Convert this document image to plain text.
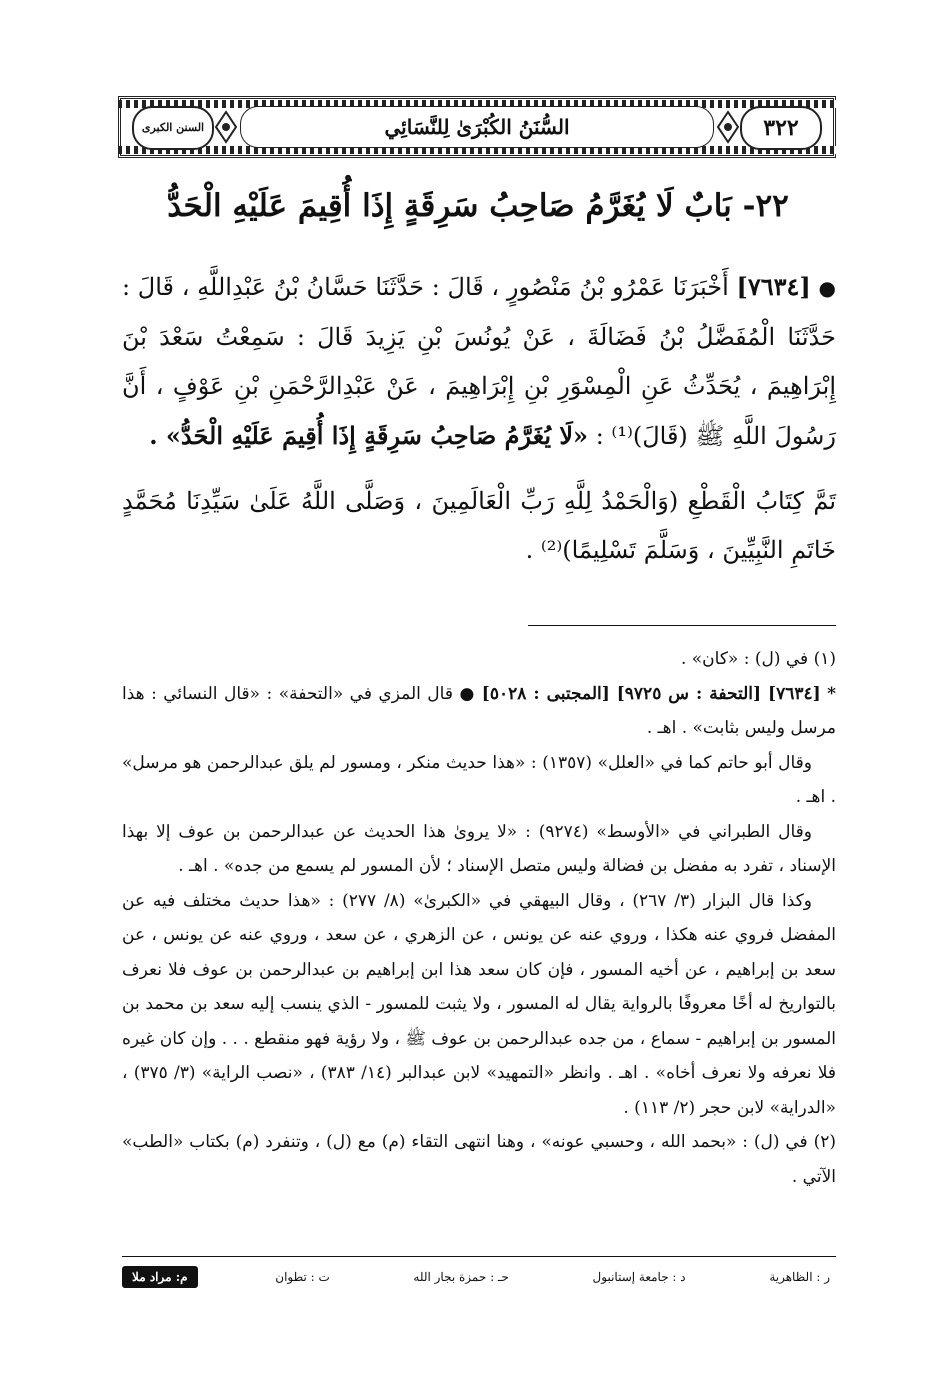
السنن الكبرى	السُّنَنُ الكُبْرَىٰ لِلنَّسَائِي	٣٢٢
٢٢- بَابٌ لَا يُغَرَّمُ صَاحِبُ سَرِقَةٍ إِذَا أُقِيمَ عَلَيْهِ الْحَدُّ

● [٧٦٣٤] أَخْبَرَنَا عَمْرُو بْنُ مَنْصُورٍ ، قَالَ : حَدَّثَنَا حَسَّانُ بْنُ عَبْدِاللَّهِ ، قَالَ : حَدَّثَنَا الْمُفَضَّلُ بْنُ فَضَالَةَ ، عَنْ يُونُسَ بْنِ يَزِيدَ قَالَ : سَمِعْتُ سَعْدَ بْنَ إِبْرَاهِيمَ ، يُحَدِّثُ عَنِ الْمِسْوَرِ بْنِ إِبْرَاهِيمَ ، عَنْ عَبْدِالرَّحْمَنِ بْنِ عَوْفٍ ، أَنَّ رَسُولَ اللَّهِ ﷺ (قَالَ)⁽¹⁾ : «لَا يُغَرَّمُ صَاحِبُ سَرِقَةٍ إِذَا أُقِيمَ عَلَيْهِ الْحَدُّ» .

تَمَّ كِتَابُ الْقَطْعِ (وَالْحَمْدُ لِلَّهِ رَبِّ الْعَالَمِينَ ، وَصَلَّى اللَّهُ عَلَىٰ سَيِّدِنَا مُحَمَّدٍ خَاتَمِ النَّبِيِّينَ ، وَسَلَّمَ تَسْلِيمًا)⁽²⁾ .

(١) في (ل) : «كان» .

* [٧٦٣٤] [التحفة : س ٩٧٢٥] [المجتبى : ٥٠٢٨] ● قال المزي في «التحفة» : «قال النسائي : هذا مرسل وليس بثابت» . اهـ .

وقال أبو حاتم كما في «العلل» (١٣٥٧) : «هذا حديث منكر ، ومسور لم يلق عبدالرحمن هو مرسل» . اهـ .

وقال الطبراني في «الأوسط» (٩٢٧٤) : «لا يروىٰ هذا الحديث عن عبدالرحمن بن عوف إلا بهذا الإسناد ، تفرد به مفضل بن فضالة وليس متصل الإسناد ؛ لأن المسور لم يسمع من جده» . اهـ .

وكذا قال البزار (٣/ ٢٦٧) ، وقال البيهقي في «الكبرىٰ» (٨/ ٢٧٧) : «هذا حديث مختلف فيه عن المفضل فروي عنه هكذا ، وروي عنه عن يونس ، عن الزهري ، عن سعد ، وروي عنه عن يونس ، عن سعد بن إبراهيم ، عن أخيه المسور ، فإن كان سعد هذا ابن إبراهيم بن عبدالرحمن بن عوف فلا نعرف بالتواريخ له أخًا معروفًا بالرواية يقال له المسور ، ولا يثبت للمسور - الذي ينسب إليه سعد بن محمد بن المسور بن إبراهيم - سماع ، من جده عبدالرحمن بن عوف ﷺ ، ولا رؤية فهو منقطع . . . وإن كان غيره فلا نعرفه ولا نعرف أخاه» . اهـ . وانظر «التمهيد» لابن عبدالبر (١٤/ ٣٨٣) ، «نصب الراية» (٣/ ٣٧٥) ، «الدراية» لابن حجر (٢/ ١١٣) .

(٢) في (ل) : «بحمد الله ، وحسبي عونه» ، وهنا انتهى التقاء (م) مع (ل) ، وتنفرد (م) بكتاب «الطب» الآتي .

م: مراد ملا	ت : تطوان	حـ : حمزة بجار الله	د : جامعة إستانبول	ر : الظاهرية
